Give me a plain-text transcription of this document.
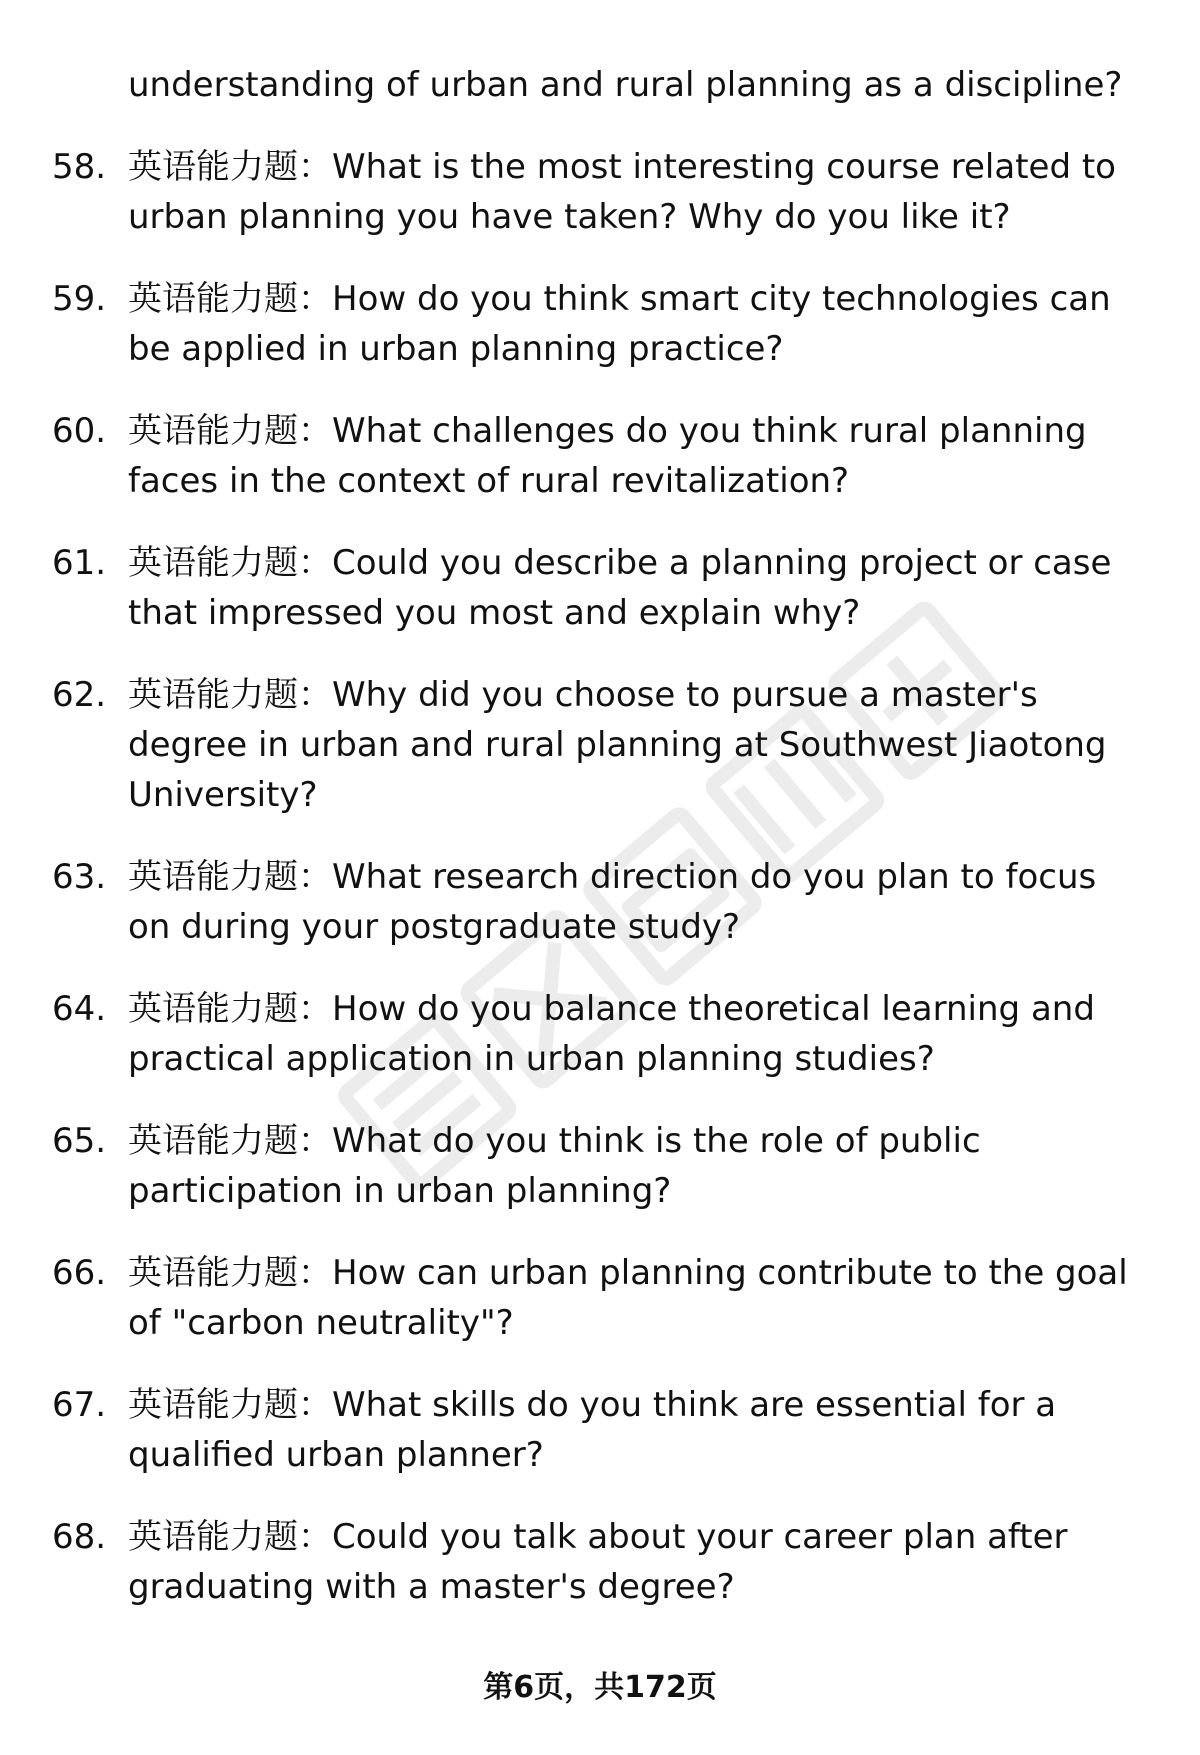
understanding of urban and rural planning as a discipline?
58. 英语能力题：What is the most interesting course related to urban planning you have taken? Why do you like it?
59. 英语能力题：How do you think smart city technologies can be applied in urban planning practice?
60. 英语能力题：What challenges do you think rural planning faces in the context of rural revitalization?
61. 英语能力题：Could you describe a planning project or case that impressed you most and explain why?
62. 英语能力题：Why did you choose to pursue a master's degree in urban and rural planning at Southwest Jiaotong University?
63. 英语能力题：What research direction do you plan to focus on during your postgraduate study?
64. 英语能力题：How do you balance theoretical learning and practical application in urban planning studies?
65. 英语能力题：What do you think is the role of public participation in urban planning?
66. 英语能力题：How can urban planning contribute to the goal of "carbon neutrality"?
67. 英语能力题：What skills do you think are essential for a qualified urban planner?
68. 英语能力题：Could you talk about your career plan after graduating with a master's degree?
第6页，共172页
